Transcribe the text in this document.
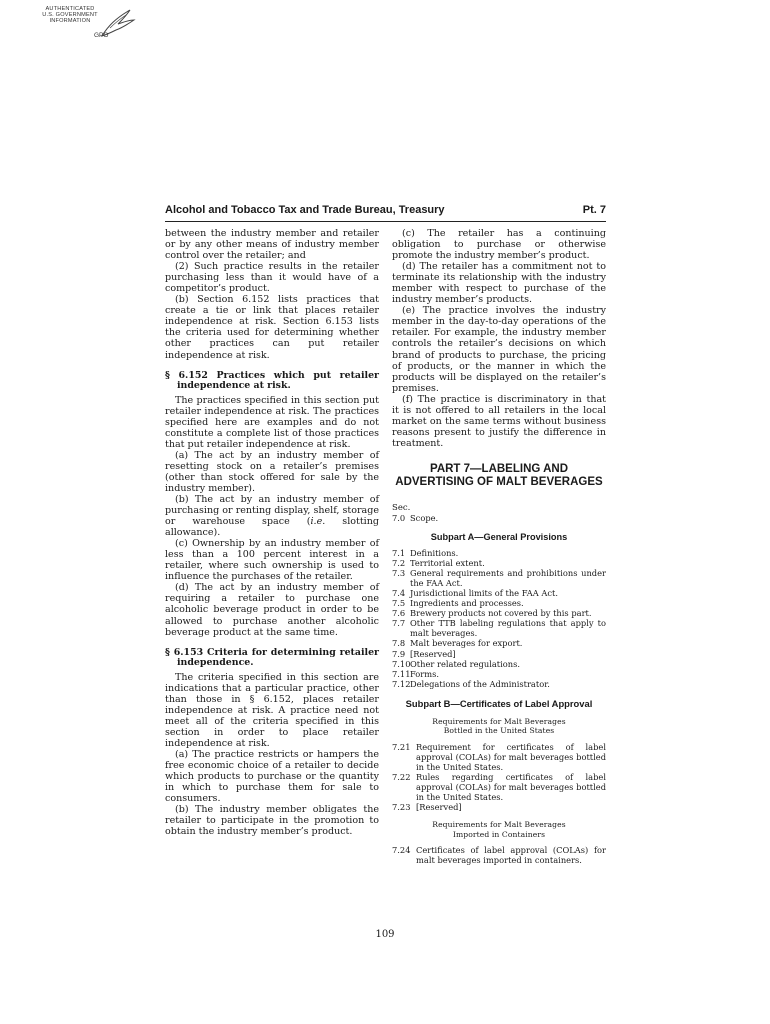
AUTHENTICATED
U.S. GOVERNMENT
INFORMATION
GPO
Alcohol and Tobacco Tax and Trade Bureau, Treasury	Pt. 7

between the industry member and retailer or by any other means of industry member control over the retailer; and

(2) Such practice results in the retailer purchasing less than it would have of a competitor’s product.

(b) Section 6.152 lists practices that create a tie or link that places retailer independence at risk. Section 6.153 lists the criteria used for determining whether other practices can put retailer independence at risk.

§ 6.152 Practices which put retailer independence at risk.

The practices specified in this section put retailer independence at risk. The practices specified here are examples and do not constitute a complete list of those practices that put retailer independence at risk.

(a) The act by an industry member of resetting stock on a retailer’s premises (other than stock offered for sale by the industry member).

(b) The act by an industry member of purchasing or renting display, shelf, storage or warehouse space (i.e. slotting allowance).

(c) Ownership by an industry member of less than a 100 percent interest in a retailer, where such ownership is used to influence the purchases of the retailer.

(d) The act by an industry member of requiring a retailer to purchase one alcoholic beverage product in order to be allowed to purchase another alcoholic beverage product at the same time.

§ 6.153 Criteria for determining retailer independence.

The criteria specified in this section are indications that a particular practice, other than those in § 6.152, places retailer independence at risk. A practice need not meet all of the criteria specified in this section in order to place retailer independence at risk.

(a) The practice restricts or hampers the free economic choice of a retailer to decide which products to purchase or the quantity in which to purchase them for sale to consumers.

(b) The industry member obligates the retailer to participate in the promotion to obtain the industry member’s product.

(c) The retailer has a continuing obligation to purchase or otherwise promote the industry member’s product.

(d) The retailer has a commitment not to terminate its relationship with the industry member with respect to purchase of the industry member’s products.

(e) The practice involves the industry member in the day-to-day operations of the retailer. For example, the industry member controls the retailer’s decisions on which brand of products to purchase, the pricing of products, or the manner in which the products will be displayed on the retailer’s premises.

(f) The practice is discriminatory in that it is not offered to all retailers in the local market on the same terms without business reasons present to justify the difference in treatment.

PART 7—LABELING AND
ADVERTISING OF MALT BEVERAGES
Sec.
7.0 Scope.
Subpart A—General Provisions
7.1 Definitions.
7.2 Territorial extent.
7.3 General requirements and prohibitions under the FAA Act.
7.4 Jurisdictional limits of the FAA Act.
7.5 Ingredients and processes.
7.6 Brewery products not covered by this part.
7.7 Other TTB labeling regulations that apply to malt beverages.
7.8 Malt beverages for export.
7.9 [Reserved]
7.10 Other related regulations.
7.11 Forms.
7.12 Delegations of the Administrator.
Subpart B—Certificates of Label Approval
Requirements for Malt Beverages
Bottled in the United States
7.21 Requirement for certificates of label approval (COLAs) for malt beverages bottled in the United States.
7.22 Rules regarding certificates of label approval (COLAs) for malt beverages bottled in the United States.
7.23 [Reserved]
Requirements for Malt Beverages
Imported in Containers
7.24 Certificates of label approval (COLAs) for malt beverages imported in containers.
109
